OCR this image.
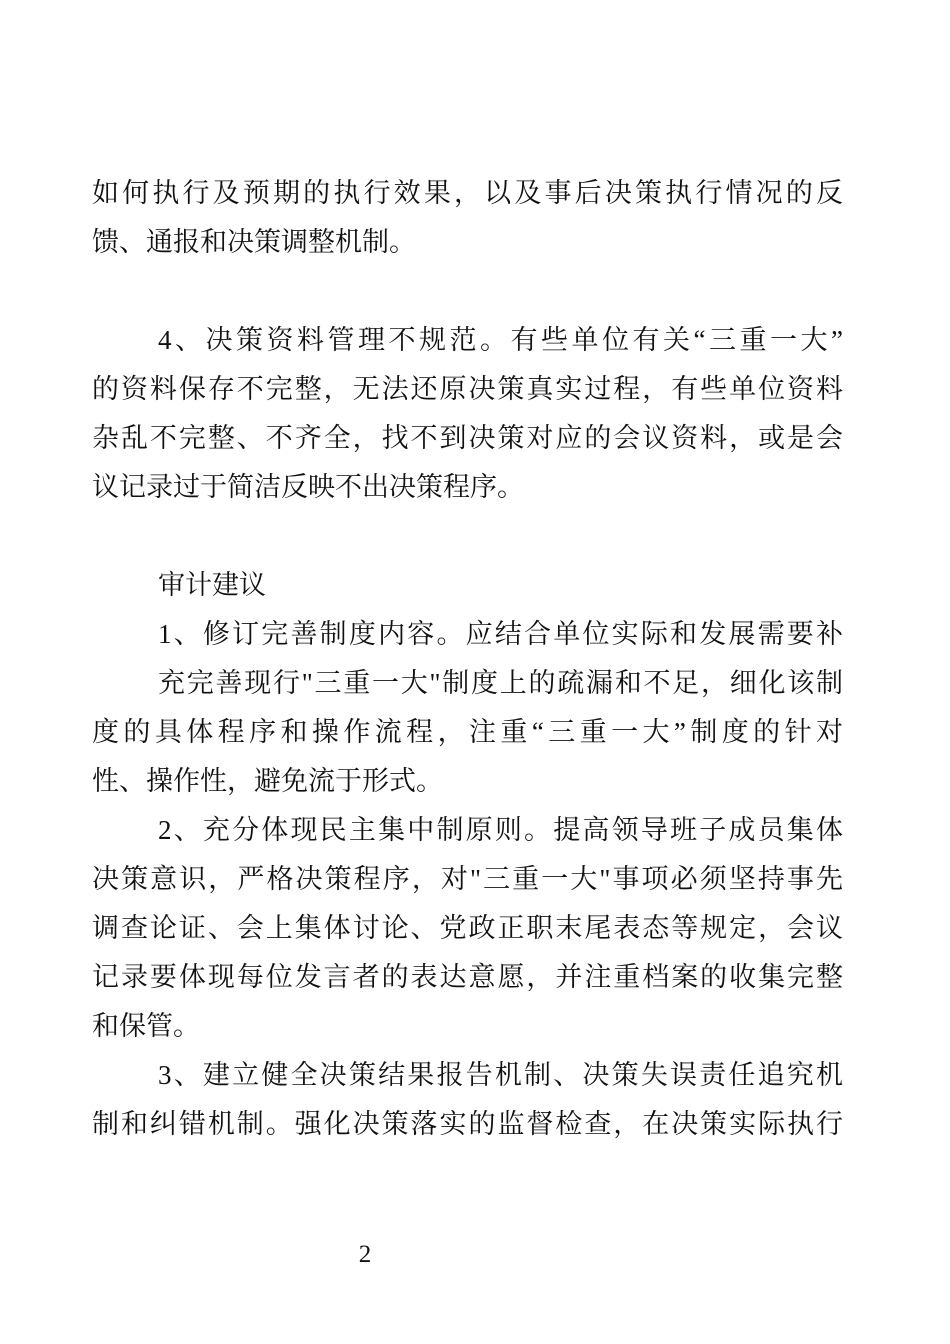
如何执行及预期的执行效果，以及事后决策执行情况的反
馈、通报和决策调整机制。
4、决策资料管理不规范。有些单位有关“三重一大”
的资料保存不完整，无法还原决策真实过程，有些单位资料
杂乱不完整、不齐全，找不到决策对应的会议资料，或是会
议记录过于简洁反映不出决策程序。
审计建议
1、修订完善制度内容。应结合单位实际和发展需要补
充完善现行"三重一大"制度上的疏漏和不足，细化该制
度的具体程序和操作流程，注重“三重一大”制度的针对
性、操作性，避免流于形式。
2、充分体现民主集中制原则。提高领导班子成员集体
决策意识，严格决策程序，对"三重一大"事项必须坚持事先
调查论证、会上集体讨论、党政正职末尾表态等规定，会议
记录要体现每位发言者的表达意愿，并注重档案的收集完整
和保管。
3、建立健全决策结果报告机制、决策失误责任追究机
制和纠错机制。强化决策落实的监督检查，在决策实际执行
2
